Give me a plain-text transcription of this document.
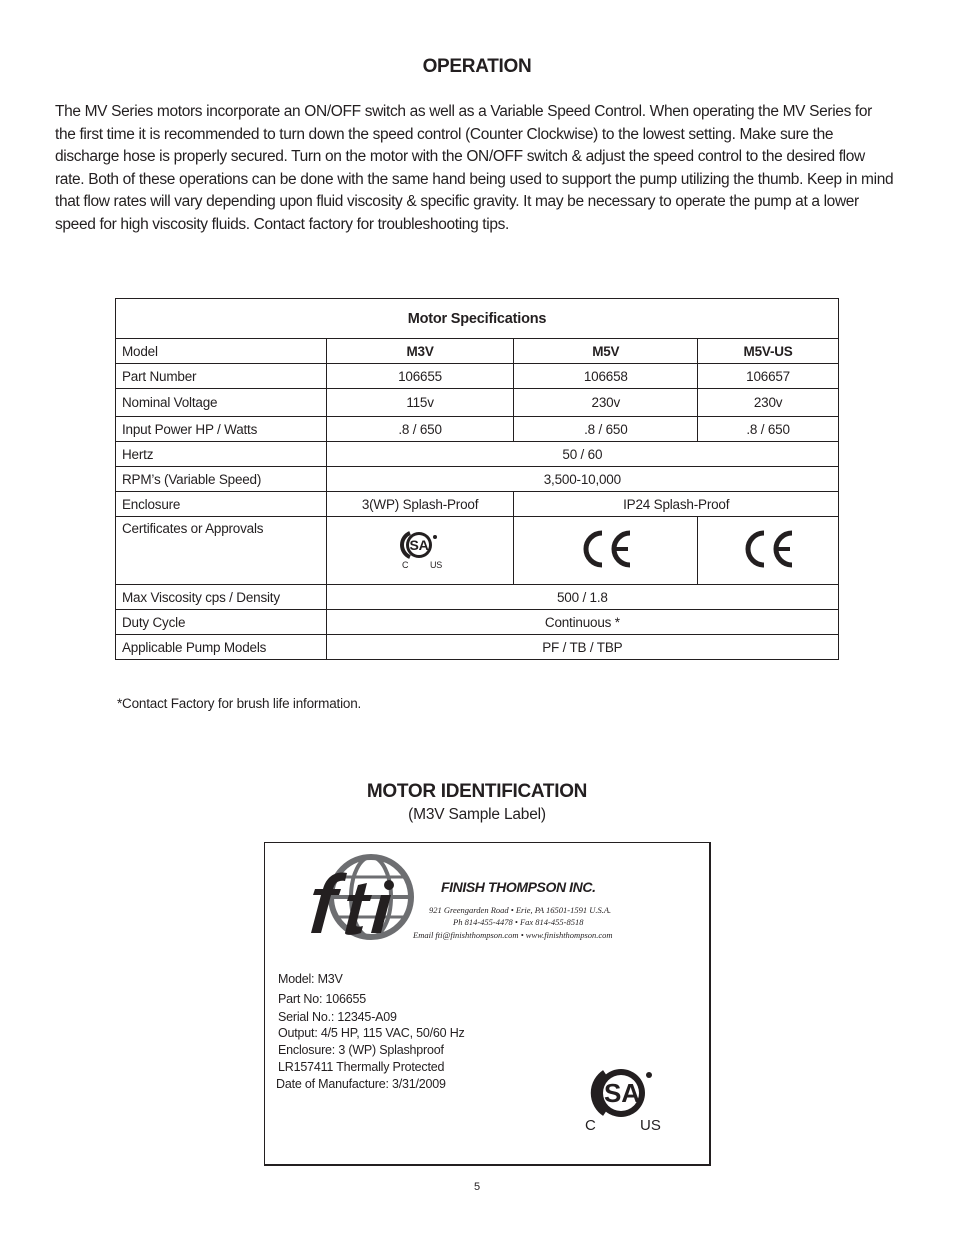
OPERATION

The MV Series motors incorporate an ON/OFF switch as well as a Variable Speed Control. When operating the MV Series for the first time it is recommended to turn down the speed control (Counter Clockwise) to the lowest setting. Make sure the discharge hose is properly secured. Turn on the motor with the ON/OFF switch & adjust the speed control to the desired flow rate. Both of these operations can be done with the same hand being used to support the pump utilizing the thumb. Keep in mind that flow rates will vary depending upon fluid viscosity & specific gravity. It may be necessary to operate the pump at a lower speed for high viscosity fluids. Contact factory for troubleshooting tips.

Motor Specifications			
Model	M3V	M5V	M5V-US
Part Number	106655	106658	106657
Nominal Voltage	115v	230v	230v
Input Power HP / Watts	.8 / 650	.8 / 650	.8 / 650
Hertz	50 / 60		
RPM’s (Variable Speed)	3,500-10,000		
Enclosure	3(WP) Splash-Proof	IP24 Splash-Proof	
Certificates or Approvals	SA
C US

Max Viscosity cps / Density	500 / 1.8		
Duty Cycle	Continuous *		
Applicable Pump Models	PF / TB / TBP		

*Contact Factory for brush life information.

MOTOR IDENTIFICATION

(M3V Sample Label)

FINISH THOMPSON INC.

921 Greengarden Road • Erie, PA 16501-1591 U.S.A.

Ph 814-455-4478 • Fax 814-455-8518

Email fti@finishthompson.com • www.finishthompson.com

Model: M3V

Part No: 106655

Serial No.: 12345-A09

Output: 4/5 HP, 115 VAC, 50/60 Hz

Enclosure: 3 (WP) Splashproof

LR157411 Thermally Protected

Date of Manufacture: 3/31/2009	SA
C	US

5
